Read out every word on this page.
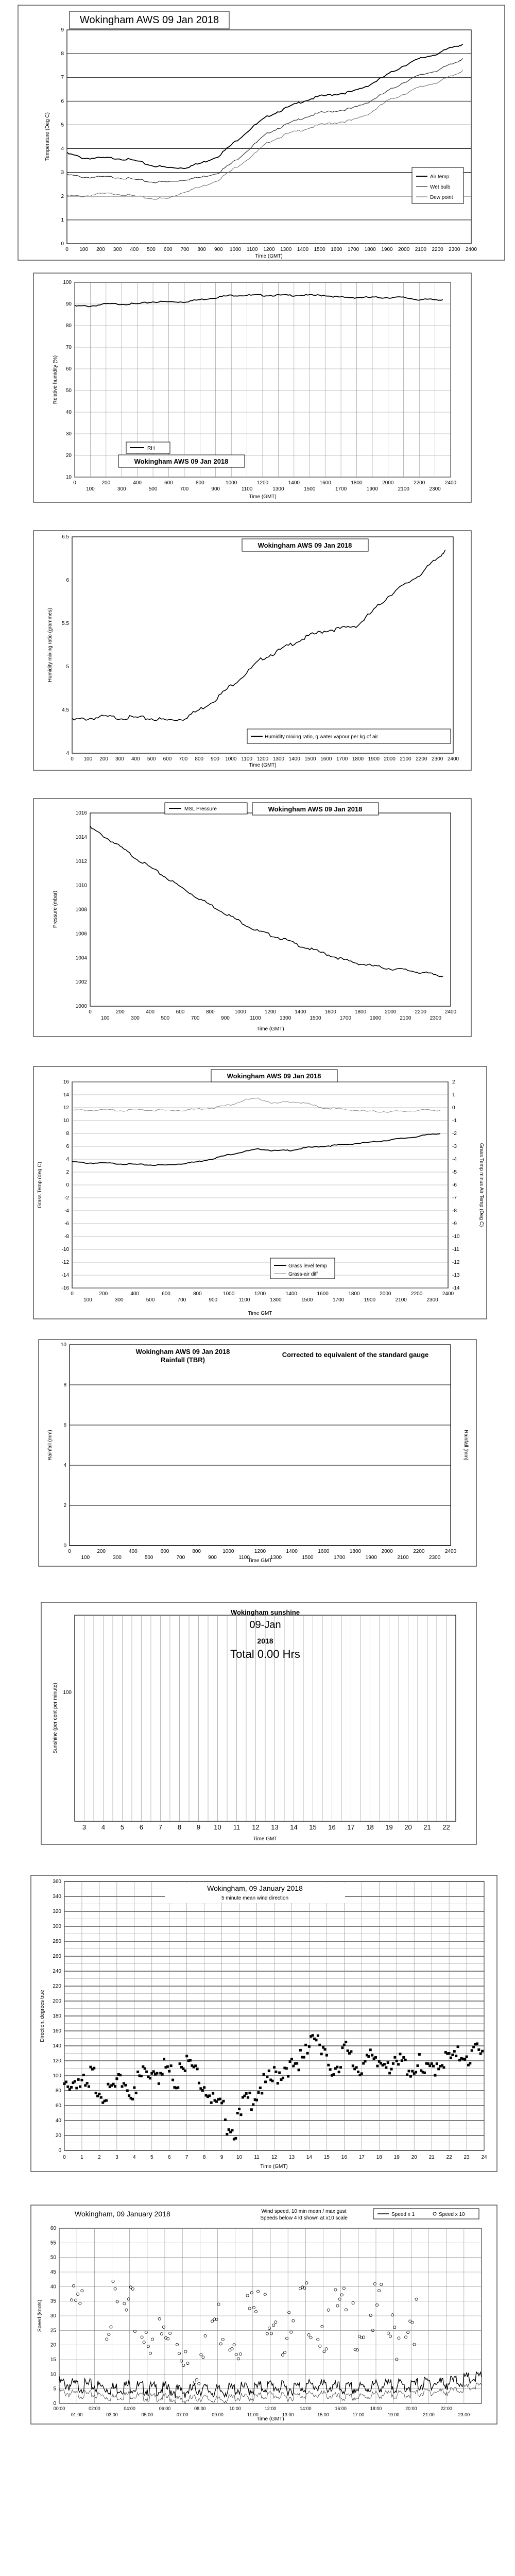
0
1
2
3
4
5
6
7
8
9
0 100 200 300 400 500 600 700 800 900 1000 1100 1200 1300 1400 1500 1600 1700 1800 1900 2000 2100 2200 2300 2400
Wokingham AWS 09 Jan 2018
Time (GMT)
Temperature (Deg C)
Air temp
Wet bulb
Dew point
10
20
30
40
50
60
70
80
90
100
0	200	400	600	800	1000	1200	1400	1600	1800	2000	2200	2400
100	300	500	700	900	1100	1300	1500	1700	1900	2100	2300
Time (GMT)
Relative humidity (%)
RH
Wokingham AWS 09 Jan 2018
4
4.5
5
5.5
6
6.5
0 100 200 300 400 500 600 700 800 900 1000 1100 1200 1300 1400 1500 1600 1700 1800 1900 2000 2100 2200 2300 2400
Wokingham AWS 09 Jan 2018
Time (GMT)
Humidity mixing ratio (grammes)
Humidity mixing ratio, g water vapour per kg of air
1000
1002
1004
1006
1008
1010
1012
1014
1016
0	200	400	600	800	1000	1200	1400	1600	1800	2000	2200	2400
100	300	500	700	900	1100	1300	1500	1700	1900	2100	2300
MSL Pressure	Wokingham AWS 09 Jan 2018
Time (GMT)
Pressure (mbar)
-16
-14
-12
-10
-8
-6
-4
-2
0
2
4
6
8
10
12
14
16
-14
-13
-12
-11
-10
-9
-8
-7
-6
-5
-4
-3
-2
-1
0
1
2
0	200	400	600	800	1000	1200	1400	1600	1800	2000	2200	2400
100	300	500	700	900	1100	1300	1500	1700	1900	2100	2300
Wokingham AWS 09 Jan 2018
Time GMT
Grass Temp (deg C)	Grass Temp minus Air Temp (Deg C)
Grass level temp
Grass-air diff
0
2
4
6
8
10
0	200	400	600	800	1000	1200	1400	1600	1800	2000	2200	2400
100	300	500	700	900	1100	1300	1500	1700	1900	2100	2300
Wokingham AWS 09 Jan 2018
Rainfall (TBR)
Corrected to equivalent of the standard gauge
Time GMT
Rainfall (mm)	Rainfall (mm)
100
3 4 5 6 7 8 9 10 11 12 13 14 15 16 17 18 19 20 21 22
Wokingham sunshine
09-Jan
2018
Total 0.00 Hrs
Time GMT
Sunshine (per cent per minute)
0
20
40
60
80
100
120
140
160
180
200
220
240
260
280
300
320
340
360
0	1	2	3	4	5	6	7	8	9	10 11 12 13 14 15 16 17 18 19 20 21 22 23 24
Wokingham, 09 January 2018
5 minute mean wind direction
Time (GMT)
Direction, degrees true
0
5
10
15
20
25
30
35
40
45
50
55
60
00:00	02:00	04:00	06:00	08:00	10:00	12:00	14:00	16:00	18:00	20:00	22:00
01:00	03:00	05:00	07:00	09:00	11:00	13:00	15:00	17:00	19:00	21:00	23:00
Wokingham, 09 January 2018	Wind speed, 10 min mean / max gust
Speeds below 4 kt shown at x10 scale
Speed x 1	Speed x 10
Time (GMT)
Speed (knots)
